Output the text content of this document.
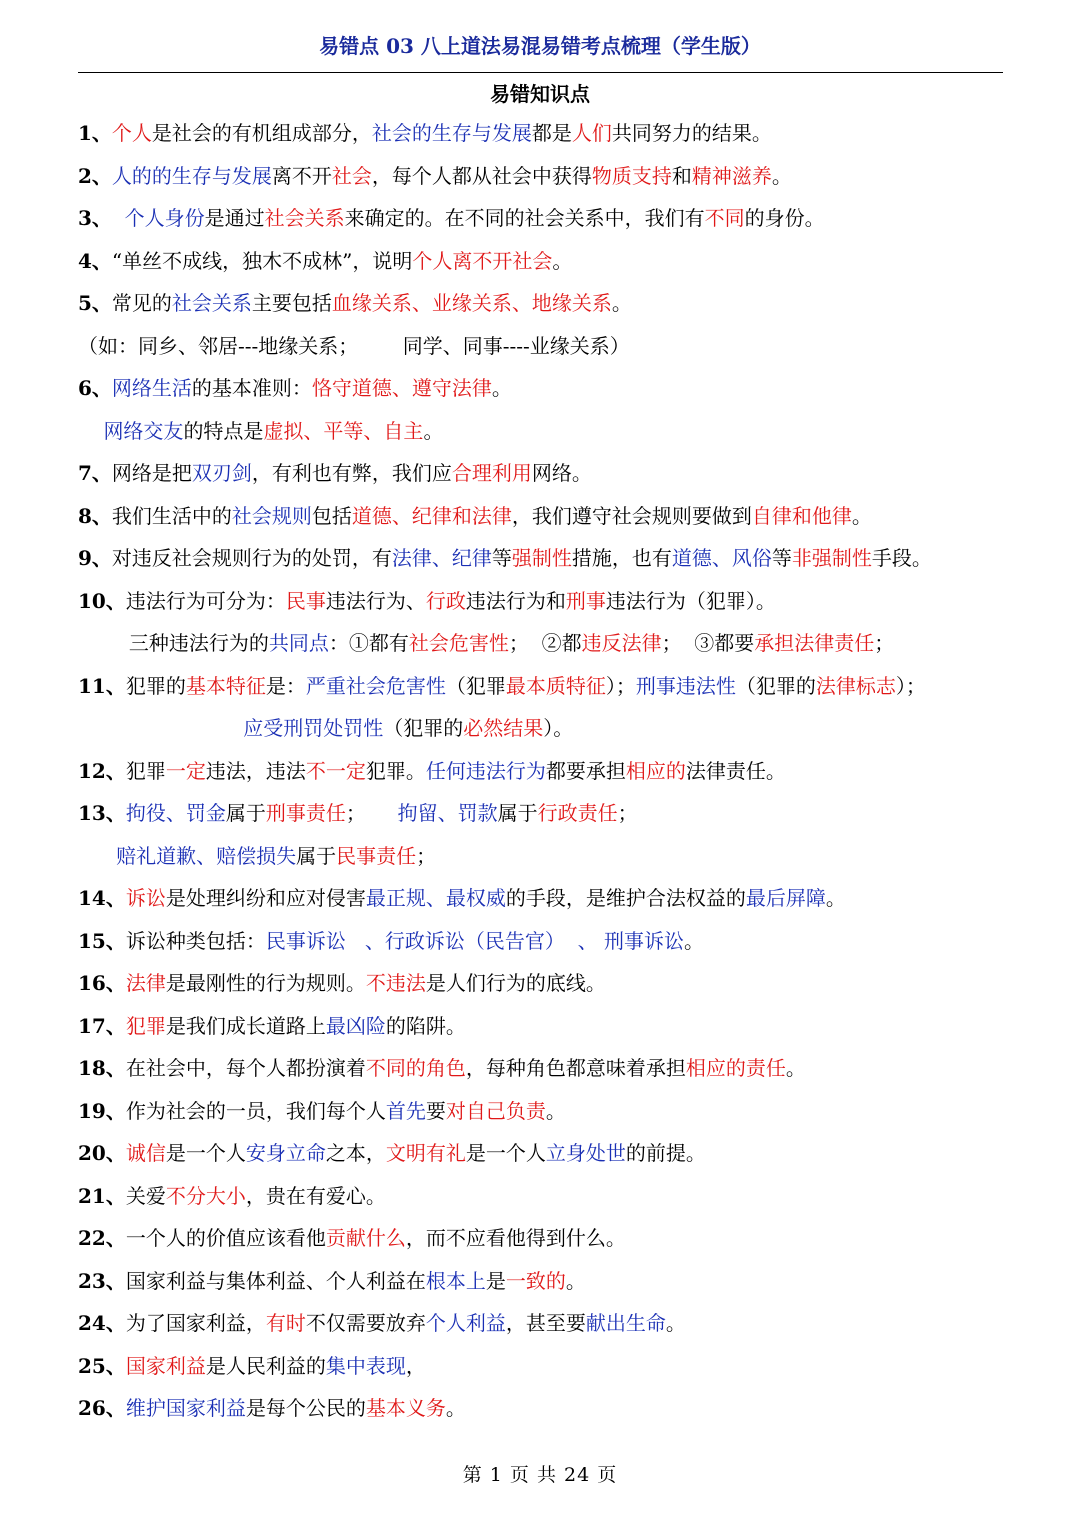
易错点 03 八上道法易混易错考点梳理（学生版）
易错知识点
1、个人是社会的有机组成部分，社会的生存与发展都是人们共同努力的结果。
2、人的的生存与发展离不开社会，每个人都从社会中获得物质支持和精神滋养。
3、  个人身份是通过社会关系来确定的。在不同的社会关系中，我们有不同的身份。
4、“单丝不成线，独木不成林”，说明个人离不开社会。
5、常见的社会关系主要包括血缘关系、业缘关系、地缘关系。
（如：同乡、邻居---地缘关系；       同学、同事----业缘关系）
6、网络生活的基本准则：恪守道德、遵守法律。
网络交友的特点是虚拟、平等、自主。
7、网络是把双刃剑，有利也有弊，我们应合理利用网络。
8、我们生活中的社会规则包括道德、纪律和法律，我们遵守社会规则要做到自律和他律。
9、对违反社会规则行为的处罚，有法律、纪律等强制性措施，也有道德、风俗等非强制性手段。
10、违法行为可分为：民事违法行为、行政违法行为和刑事违法行为（犯罪）。
三种违法行为的共同点：①都有社会危害性；  ②都违反法律；  ③都要承担法律责任；
11、犯罪的基本特征是：严重社会危害性（犯罪最本质特征）；刑事违法性（犯罪的法律标志）；
应受刑罚处罚性（犯罪的必然结果）。
12、犯罪一定违法，违法不一定犯罪。任何违法行为都要承担相应的法律责任。
13、拘役、罚金属于刑事责任；     拘留、罚款属于行政责任；
赔礼道歉、赔偿损失属于民事责任；
14、诉讼是处理纠纷和应对侵害最正规、最权威的手段，是维护合法权益的最后屏障。
15、诉讼种类包括：民事诉讼   、行政诉讼（民告官）  、 刑事诉讼。
16、法律是最刚性的行为规则。不违法是人们行为的底线。
17、犯罪是我们成长道路上最凶险的陷阱。
18、在社会中，每个人都扮演着不同的角色，每种角色都意味着承担相应的责任。
19、作为社会的一员，我们每个人首先要对自己负责。
20、诚信是一个人安身立命之本，文明有礼是一个人立身处世的前提。
21、关爱不分大小，贵在有爱心。
22、一个人的价值应该看他贡献什么，而不应看他得到什么。
23、国家利益与集体利益、个人利益在根本上是一致的。
24、为了国家利益，有时不仅需要放弃个人利益，甚至要献出生命。
25、国家利益是人民利益的集中表现，
26、维护国家利益是每个公民的基本义务。
第 1 页 共 24 页
